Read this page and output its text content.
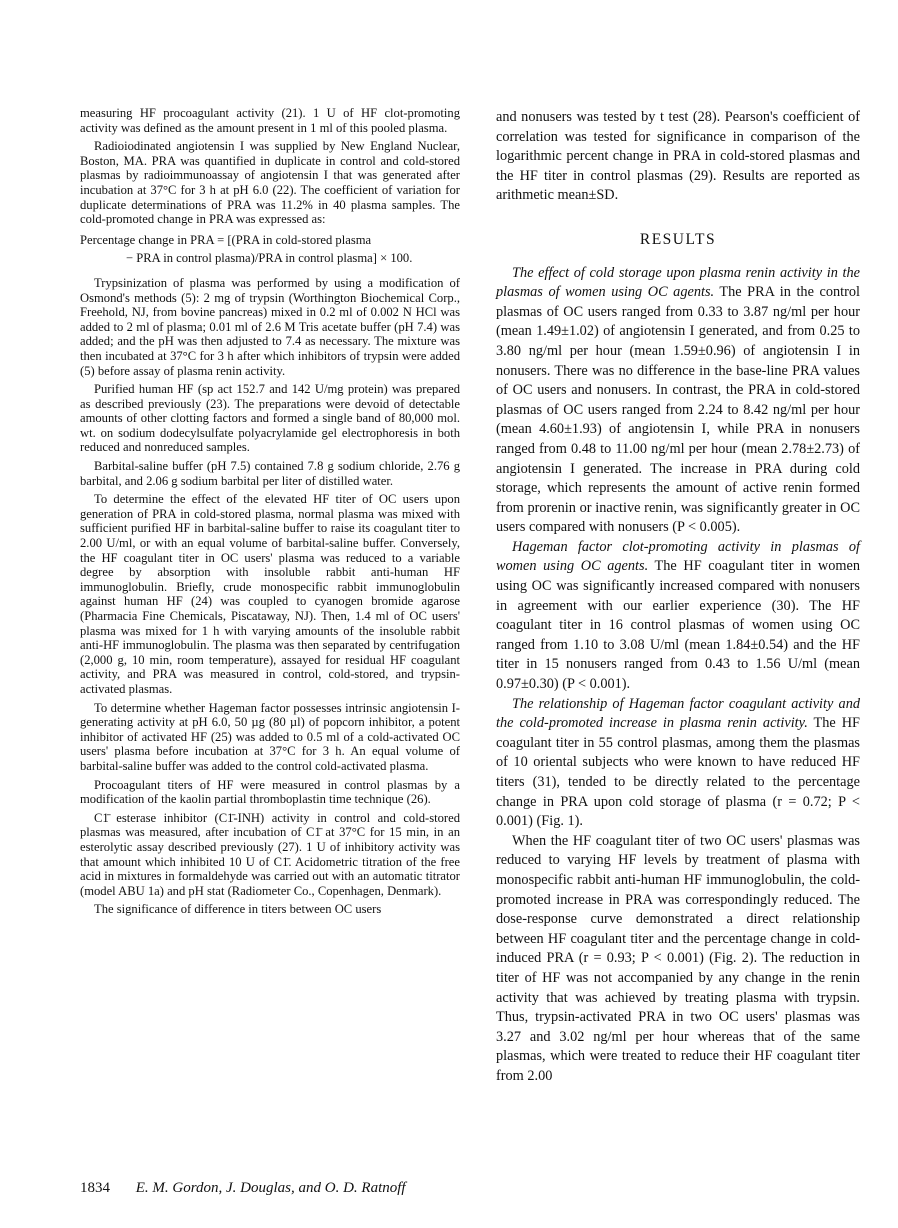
measuring HF procoagulant activity (21). 1 U of HF clot-promoting activity was defined as the amount present in 1 ml of this pooled plasma.

Radioiodinated angiotensin I was supplied by New England Nuclear, Boston, MA. PRA was quantified in duplicate in control and cold-stored plasmas by radioimmunoassay of angiotensin I that was generated after incubation at 37°C for 3 h at pH 6.0 (22). The coefficient of variation for duplicate determinations of PRA was 11.2% in 40 plasma samples. The cold-promoted change in PRA was expressed as:

Percentage change in PRA = [(PRA in cold-stored plasma
− PRA in control plasma)/PRA in control plasma] × 100.

Trypsinization of plasma was performed by using a modification of Osmond's methods (5): 2 mg of trypsin (Worthington Biochemical Corp., Freehold, NJ, from bovine pancreas) mixed in 0.2 ml of 0.002 N HCl was added to 2 ml of plasma; 0.01 ml of 2.6 M Tris acetate buffer (pH 7.4) was added; and the pH was then adjusted to 7.4 as necessary. The mixture was then incubated at 37°C for 3 h after which inhibitors of trypsin were added (5) before assay of plasma renin activity.

Purified human HF (sp act 152.7 and 142 U/mg protein) was prepared as described previously (23). The preparations were devoid of detectable amounts of other clotting factors and formed a single band of 80,000 mol. wt. on sodium dodecylsulfate polyacrylamide gel electrophoresis in both reduced and nonreduced samples.

Barbital-saline buffer (pH 7.5) contained 7.8 g sodium chloride, 2.76 g barbital, and 2.06 g sodium barbital per liter of distilled water.

To determine the effect of the elevated HF titer of OC users upon generation of PRA in cold-stored plasma, normal plasma was mixed with sufficient purified HF in barbital-saline buffer to raise its coagulant titer to 2.00 U/ml, or with an equal volume of barbital-saline buffer. Conversely, the HF coagulant titer in OC users' plasma was reduced to a variable degree by absorption with insoluble rabbit anti-human HF immunoglobulin. Briefly, crude monospecific rabbit immunoglobulin against human HF (24) was coupled to cyanogen bromide agarose (Pharmacia Fine Chemicals, Piscataway, NJ). Then, 1.4 ml of OC users' plasma was mixed for 1 h with varying amounts of the insoluble rabbit anti-HF immunoglobulin. The plasma was then separated by centrifugation (2,000 g, 10 min, room temperature), assayed for residual HF coagulant activity, and PRA was measured in control, cold-stored, and trypsin-activated plasmas.

To determine whether Hageman factor possesses intrinsic angiotensin I-generating activity at pH 6.0, 50 µg (80 µl) of popcorn inhibitor, a potent inhibitor of activated HF (25) was added to 0.5 ml of a cold-activated OC users' plasma before incubation at 37°C for 3 h. An equal volume of barbital-saline buffer was added to the control cold-activated plasma.

Procoagulant titers of HF were measured in control plasmas by a modification of the kaolin partial thromboplastin time technique (26).

C1̄ esterase inhibitor (C1̄-INH) activity in control and cold-stored plasmas was measured, after incubation of C1̄ at 37°C for 15 min, in an esterolytic assay described previously (27). 1 U of inhibitory activity was that amount which inhibited 10 U of C1̄. Acidometric titration of the free acid in mixtures in formaldehyde was carried out with an automatic titrator (model ABU 1a) and pH stat (Radiometer Co., Copenhagen, Denmark).

The significance of difference in titers between OC users

and nonusers was tested by t test (28). Pearson's coefficient of correlation was tested for significance in comparison of the logarithmic percent change in PRA in cold-stored plasmas and the HF titer in control plasmas (29). Results are reported as arithmetic mean±SD.

RESULTS

The effect of cold storage upon plasma renin activity in the plasmas of women using OC agents. The PRA in the control plasmas of OC users ranged from 0.33 to 3.87 ng/ml per hour (mean 1.49±1.02) of angiotensin I generated, and from 0.25 to 3.80 ng/ml per hour (mean 1.59±0.96) of angiotensin I in nonusers. There was no difference in the base-line PRA values of OC users and nonusers. In contrast, the PRA in cold-stored plasmas of OC users ranged from 2.24 to 8.42 ng/ml per hour (mean 4.60±1.93) of angiotensin I, while PRA in nonusers ranged from 0.48 to 11.00 ng/ml per hour (mean 2.78±2.73) of angiotensin I generated. The increase in PRA during cold storage, which represents the amount of active renin formed from prorenin or inactive renin, was significantly greater in OC users compared with nonusers (P < 0.005).

Hageman factor clot-promoting activity in plasmas of women using OC agents. The HF coagulant titer in women using OC was significantly increased compared with nonusers in agreement with our earlier experience (30). The HF coagulant titer in 16 control plasmas of women using OC ranged from 1.10 to 3.08 U/ml (mean 1.84±0.54) and the HF titer in 15 nonusers ranged from 0.43 to 1.56 U/ml (mean 0.97±0.30) (P < 0.001).

The relationship of Hageman factor coagulant activity and the cold-promoted increase in plasma renin activity. The HF coagulant titer in 55 control plasmas, among them the plasmas of 10 oriental subjects who were known to have reduced HF titers (31), tended to be directly related to the percentage change in PRA upon cold storage of plasma (r = 0.72; P < 0.001) (Fig. 1).

When the HF coagulant titer of two OC users' plasmas was reduced to varying HF levels by treatment of plasma with monospecific rabbit anti-human HF immunoglobulin, the cold-promoted increase in PRA was correspondingly reduced. The dose-response curve demonstrated a direct relationship between HF coagulant titer and the percentage change in cold-induced PRA (r = 0.93; P < 0.001) (Fig. 2). The reduction in titer of HF was not accompanied by any change in the renin activity that was achieved by treating plasma with trypsin. Thus, trypsin-activated PRA in two OC users' plasmas was 3.27 and 3.02 ng/ml per hour whereas that of the same plasmas, which were treated to reduce their HF coagulant titer from 2.00

1834 E. M. Gordon, J. Douglas, and O. D. Ratnoff
